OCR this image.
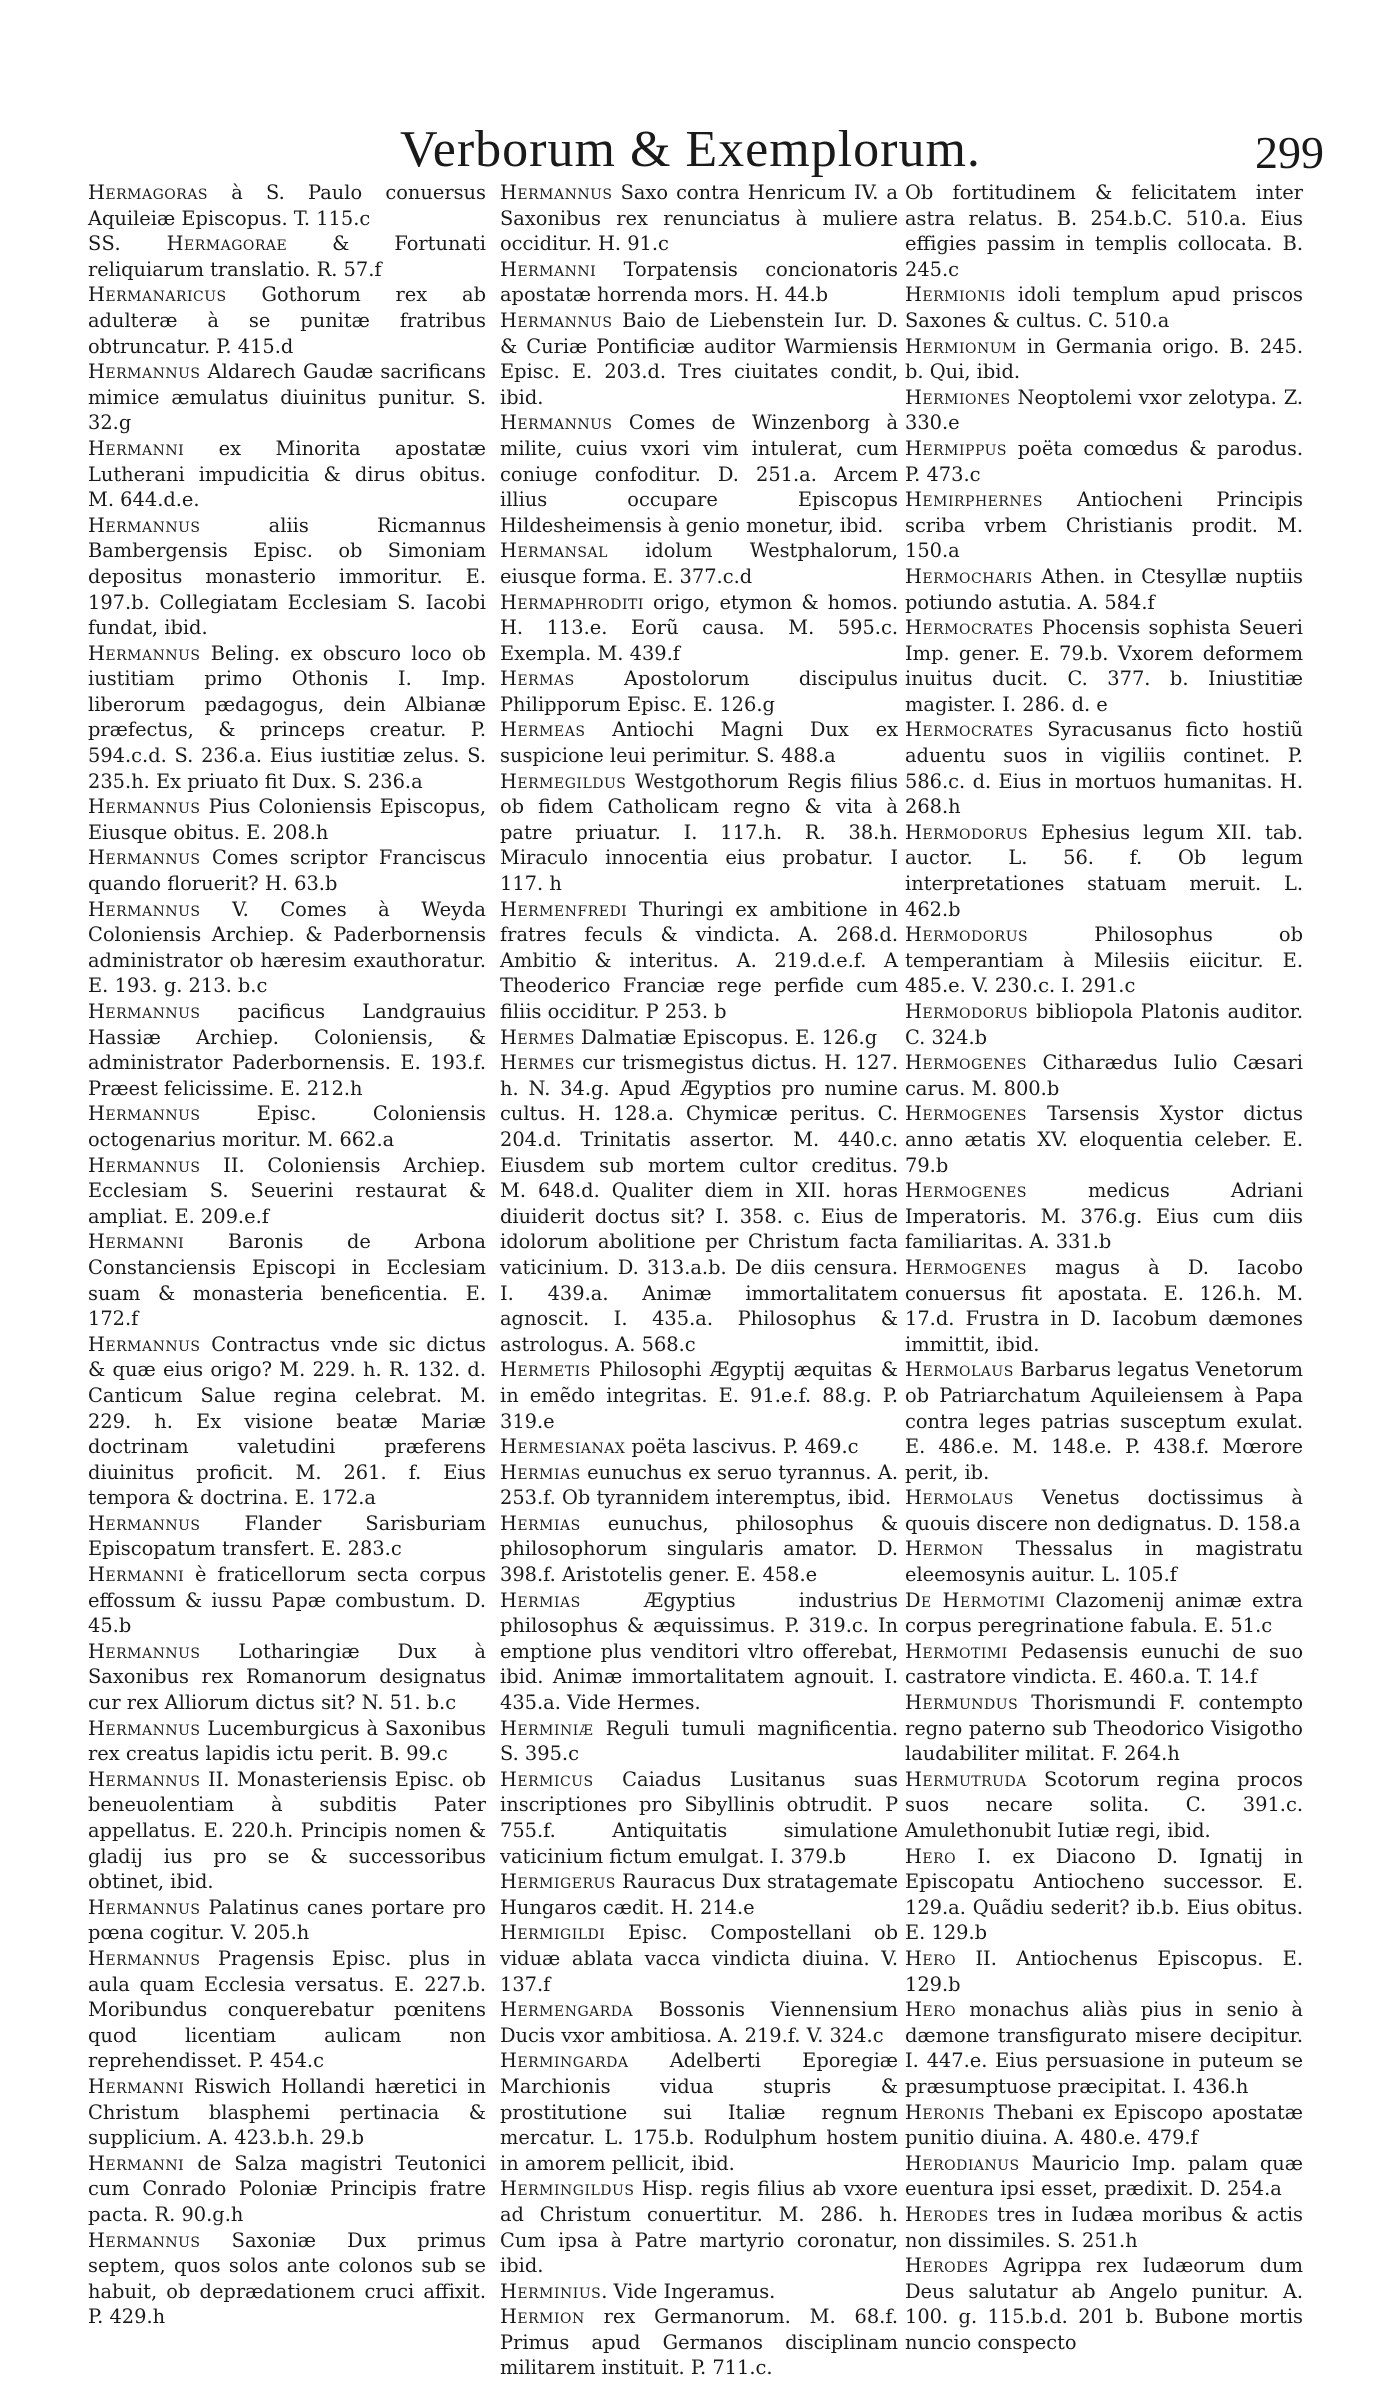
Verborum & Exemplorum.	299

Hermagoras à S. Paulo conuersus Aquileiæ Episcopus. T. 115.c

SS. Hermagorae & Fortunati reliquiarum translatio. R. 57.f

Hermanaricus Gothorum rex ab adulteræ à se punitæ fratribus obtruncatur. P. 415.d

Hermannus Aldarech Gaudæ sacrificans mimice æmulatus diuinitus punitur. S. 32.g

Hermanni ex Minorita apostatæ Lutherani impudicitia & dirus obitus. M. 644.d.e.

Hermannus aliis Ricmannus Bambergensis Episc. ob Simoniam depositus monasterio immoritur. E. 197.b. Collegiatam Ecclesiam S. Iacobi fundat, ibid.

Hermannus Beling. ex obscuro loco ob iustitiam primo Othonis I. Imp. liberorum pædagogus, dein Albianæ præfectus, & princeps creatur. P. 594.c.d. S. 236.a. Eius iustitiæ zelus. S. 235.h. Ex priuato fit Dux. S. 236.a

Hermannus Pius Coloniensis Episcopus, Eiusque obitus. E. 208.h

Hermannus Comes scriptor Franciscus quando floruerit? H. 63.b

Hermannus V. Comes à Weyda Coloniensis Archiep. & Paderbornensis administrator ob hæresim exauthoratur. E. 193. g. 213. b.c

Hermannus pacificus Landgrauius Hassiæ Archiep. Coloniensis, & administrator Paderbornensis. E. 193.f. Præest felicissime. E. 212.h

Hermannus Episc. Coloniensis octogenarius moritur. M. 662.a

Hermannus II. Coloniensis Archiep. Ecclesiam S. Seuerini restaurat & ampliat. E. 209.e.f

Hermanni Baronis de Arbona Constanciensis Episcopi in Ecclesiam suam & monasteria beneficentia. E. 172.f

Hermannus Contractus vnde sic dictus & quæ eius origo? M. 229. h. R. 132. d. Canticum Salue regina celebrat. M. 229. h. Ex visione beatæ Mariæ doctrinam valetudini præferens diuinitus proficit. M. 261. f. Eius tempora & doctrina. E. 172.a

Hermannus Flander Sarisburiam Episcopatum transfert. E. 283.c

Hermanni è fraticellorum secta corpus effossum & iussu Papæ combustum. D. 45.b

Hermannus Lotharingiæ Dux à Saxonibus rex Romanorum designatus cur rex Alliorum dictus sit? N. 51. b.c

Hermannus Lucemburgicus à Saxonibus rex creatus lapidis ictu perit. B. 99.c

Hermannus II. Monasteriensis Episc. ob beneuolentiam à subditis Pater appellatus. E. 220.h. Principis nomen & gladij ius pro se & successoribus obtinet, ibid.

Hermannus Palatinus canes portare pro pœna cogitur. V. 205.h

Hermannus Pragensis Episc. plus in aula quam Ecclesia versatus. E. 227.b. Moribundus conquerebatur pœnitens quod licentiam aulicam non reprehendisset. P. 454.c

Hermanni Riswich Hollandi hæretici in Christum blasphemi pertinacia & supplicium. A. 423.b.h. 29.b

Hermanni de Salza magistri Teutonici cum Conrado Poloniæ Principis fratre pacta. R. 90.g.h

Hermannus Saxoniæ Dux primus septem, quos solos ante colonos sub se habuit, ob deprædationem cruci affixit. P. 429.h

Hermannus Saxo contra Henricum IV. a Saxonibus rex renunciatus à muliere occiditur. H. 91.c

Hermanni Torpatensis concionatoris apostatæ horrenda mors. H. 44.b

Hermannus Baio de Liebenstein Iur. D. & Curiæ Pontificiæ auditor Warmiensis Episc. E. 203.d. Tres ciuitates condit, ibid.

Hermannus Comes de Winzenborg à milite, cuius vxori vim intulerat, cum coniuge confoditur. D. 251.a. Arcem illius occupare Episcopus Hildesheimensis à genio monetur, ibid.

Hermansal idolum Westphalorum, eiusque forma. E. 377.c.d

Hermaphroditi origo, etymon & homos. H. 113.e. Eorũ causa. M. 595.c. Exempla. M. 439.f

Hermas Apostolorum discipulus Philipporum Episc. E. 126.g

Hermeas Antiochi Magni Dux ex suspicione leui perimitur. S. 488.a

Hermegildus Westgothorum Regis filius ob fidem Catholicam regno & vita à patre priuatur. I. 117.h. R. 38.h. Miraculo innocentia eius probatur. I 117. h

Hermenfredi Thuringi ex ambitione in fratres feculs & vindicta. A. 268.d. Ambitio & interitus. A. 219.d.e.f. A Theoderico Franciæ rege perfide cum filiis occiditur. P 253. b

Hermes Dalmatiæ Episcopus. E. 126.g

Hermes cur trismegistus dictus. H. 127. h. N. 34.g. Apud Ægyptios pro numine cultus. H. 128.a. Chymicæ peritus. C. 204.d. Trinitatis assertor. M. 440.c. Eiusdem sub mortem cultor creditus. M. 648.d. Qualiter diem in XII. horas diuiderit doctus sit? I. 358. c. Eius de idolorum abolitione per Christum facta vaticinium. D. 313.a.b. De diis censura. I. 439.a. Animæ immortalitatem agnoscit. I. 435.a. Philosophus & astrologus. A. 568.c

Hermetis Philosophi Ægyptij æquitas & in emẽdo integritas. E. 91.e.f. 88.g. P. 319.e

Hermesianax poëta lascivus. P. 469.c

Hermias eunuchus ex seruo tyrannus. A. 253.f. Ob tyrannidem interemptus, ibid.

Hermias eunuchus, philosophus & philosophorum singularis amator. D. 398.f. Aristotelis gener. E. 458.e

Hermias Ægyptius industrius philosophus & æquissimus. P. 319.c. In emptione plus venditori vltro offerebat, ibid. Animæ immortalitatem agnouit. I. 435.a. Vide Hermes.

Herminiæ Reguli tumuli magnificentia. S. 395.c

Hermicus Caiadus Lusitanus suas inscriptiones pro Sibyllinis obtrudit. P 755.f. Antiquitatis simulatione vaticinium fictum emulgat. I. 379.b

Hermigerus Rauracus Dux stratagemate Hungaros cædit. H. 214.e

Hermigildi Episc. Compostellani ob viduæ ablata vacca vindicta diuina. V. 137.f

Hermengarda Bossonis Viennensium Ducis vxor ambitiosa. A. 219.f. V. 324.c

Hermingarda Adelberti Eporegiæ Marchionis vidua stupris & prostitutione sui Italiæ regnum mercatur. L. 175.b. Rodulphum hostem in amorem pellicit, ibid.

Hermingildus Hisp. regis filius ab vxore ad Christum conuertitur. M. 286. h. Cum ipsa à Patre martyrio coronatur, ibid.

Herminius. Vide Ingeramus.

Hermion rex Germanorum. M. 68.f. Primus apud Germanos disciplinam militarem instituit. P. 711.c.

Ob fortitudinem & felicitatem inter astra relatus. B. 254.b.C. 510.a. Eius effigies passim in templis collocata. B. 245.c

Hermionis idoli templum apud priscos Saxones & cultus. C. 510.a

Hermionum in Germania origo. B. 245. b. Qui, ibid.

Hermiones Neoptolemi vxor zelotypa. Z. 330.e

Hermippus poëta comœdus & parodus. P. 473.c

Hemirphernes Antiocheni Principis scriba vrbem Christianis prodit. M. 150.a

Hermocharis Athen. in Ctesyllæ nuptiis potiundo astutia. A. 584.f

Hermocrates Phocensis sophista Seueri Imp. gener. E. 79.b. Vxorem deformem inuitus ducit. C. 377. b. Iniustitiæ magister. I. 286. d. e

Hermocrates Syracusanus ficto hostiũ aduentu suos in vigiliis continet. P. 586.c. d. Eius in mortuos humanitas. H. 268.h

Hermodorus Ephesius legum XII. tab. auctor. L. 56. f. Ob legum interpretationes statuam meruit. L. 462.b

Hermodorus Philosophus ob temperantiam à Milesiis eiicitur. E. 485.e. V. 230.c. I. 291.c

Hermodorus bibliopola Platonis auditor. C. 324.b

Hermogenes Citharædus Iulio Cæsari carus. M. 800.b

Hermogenes Tarsensis Xystor dictus anno ætatis XV. eloquentia celeber. E. 79.b

Hermogenes medicus Adriani Imperatoris. M. 376.g. Eius cum diis familiaritas. A. 331.b

Hermogenes magus à D. Iacobo conuersus fit apostata. E. 126.h. M. 17.d. Frustra in D. Iacobum dæmones immittit, ibid.

Hermolaus Barbarus legatus Venetorum ob Patriarchatum Aquileiensem à Papa contra leges patrias susceptum exulat. E. 486.e. M. 148.e. P. 438.f. Mœrore perit, ib.

Hermolaus Venetus doctissimus à quouis discere non dedignatus. D. 158.a

Hermon Thessalus in magistratu eleemosynis auitur. L. 105.f

De Hermotimi Clazomenij animæ extra corpus peregrinatione fabula. E. 51.c

Hermotimi Pedasensis eunuchi de suo castratore vindicta. E. 460.a. T. 14.f

Hermundus Thorismundi F. contempto regno paterno sub Theodorico Visigotho laudabiliter militat. F. 264.h

Hermutruda Scotorum regina procos suos necare solita. C. 391.c. Amulethonubit Iutiæ regi, ibid.

Hero I. ex Diacono D. Ignatij in Episcopatu Antiocheno successor. E. 129.a. Quãdiu sederit? ib.b. Eius obitus. E. 129.b

Hero II. Antiochenus Episcopus. E. 129.b

Hero monachus aliàs pius in senio à dæmone transfigurato misere decipitur. I. 447.e. Eius persuasione in puteum se præsumptuose præcipitat. I. 436.h

Heronis Thebani ex Episcopo apostatæ punitio diuina. A. 480.e. 479.f

Herodianus Mauricio Imp. palam quæ euentura ipsi esset, prædixit. D. 254.a

Herodes tres in Iudæa moribus & actis non dissimiles. S. 251.h

Herodes Agrippa rex Iudæorum dum Deus salutatur ab Angelo punitur. A. 100. g. 115.b.d. 201 b. Bubone mortis nuncio conspecto
